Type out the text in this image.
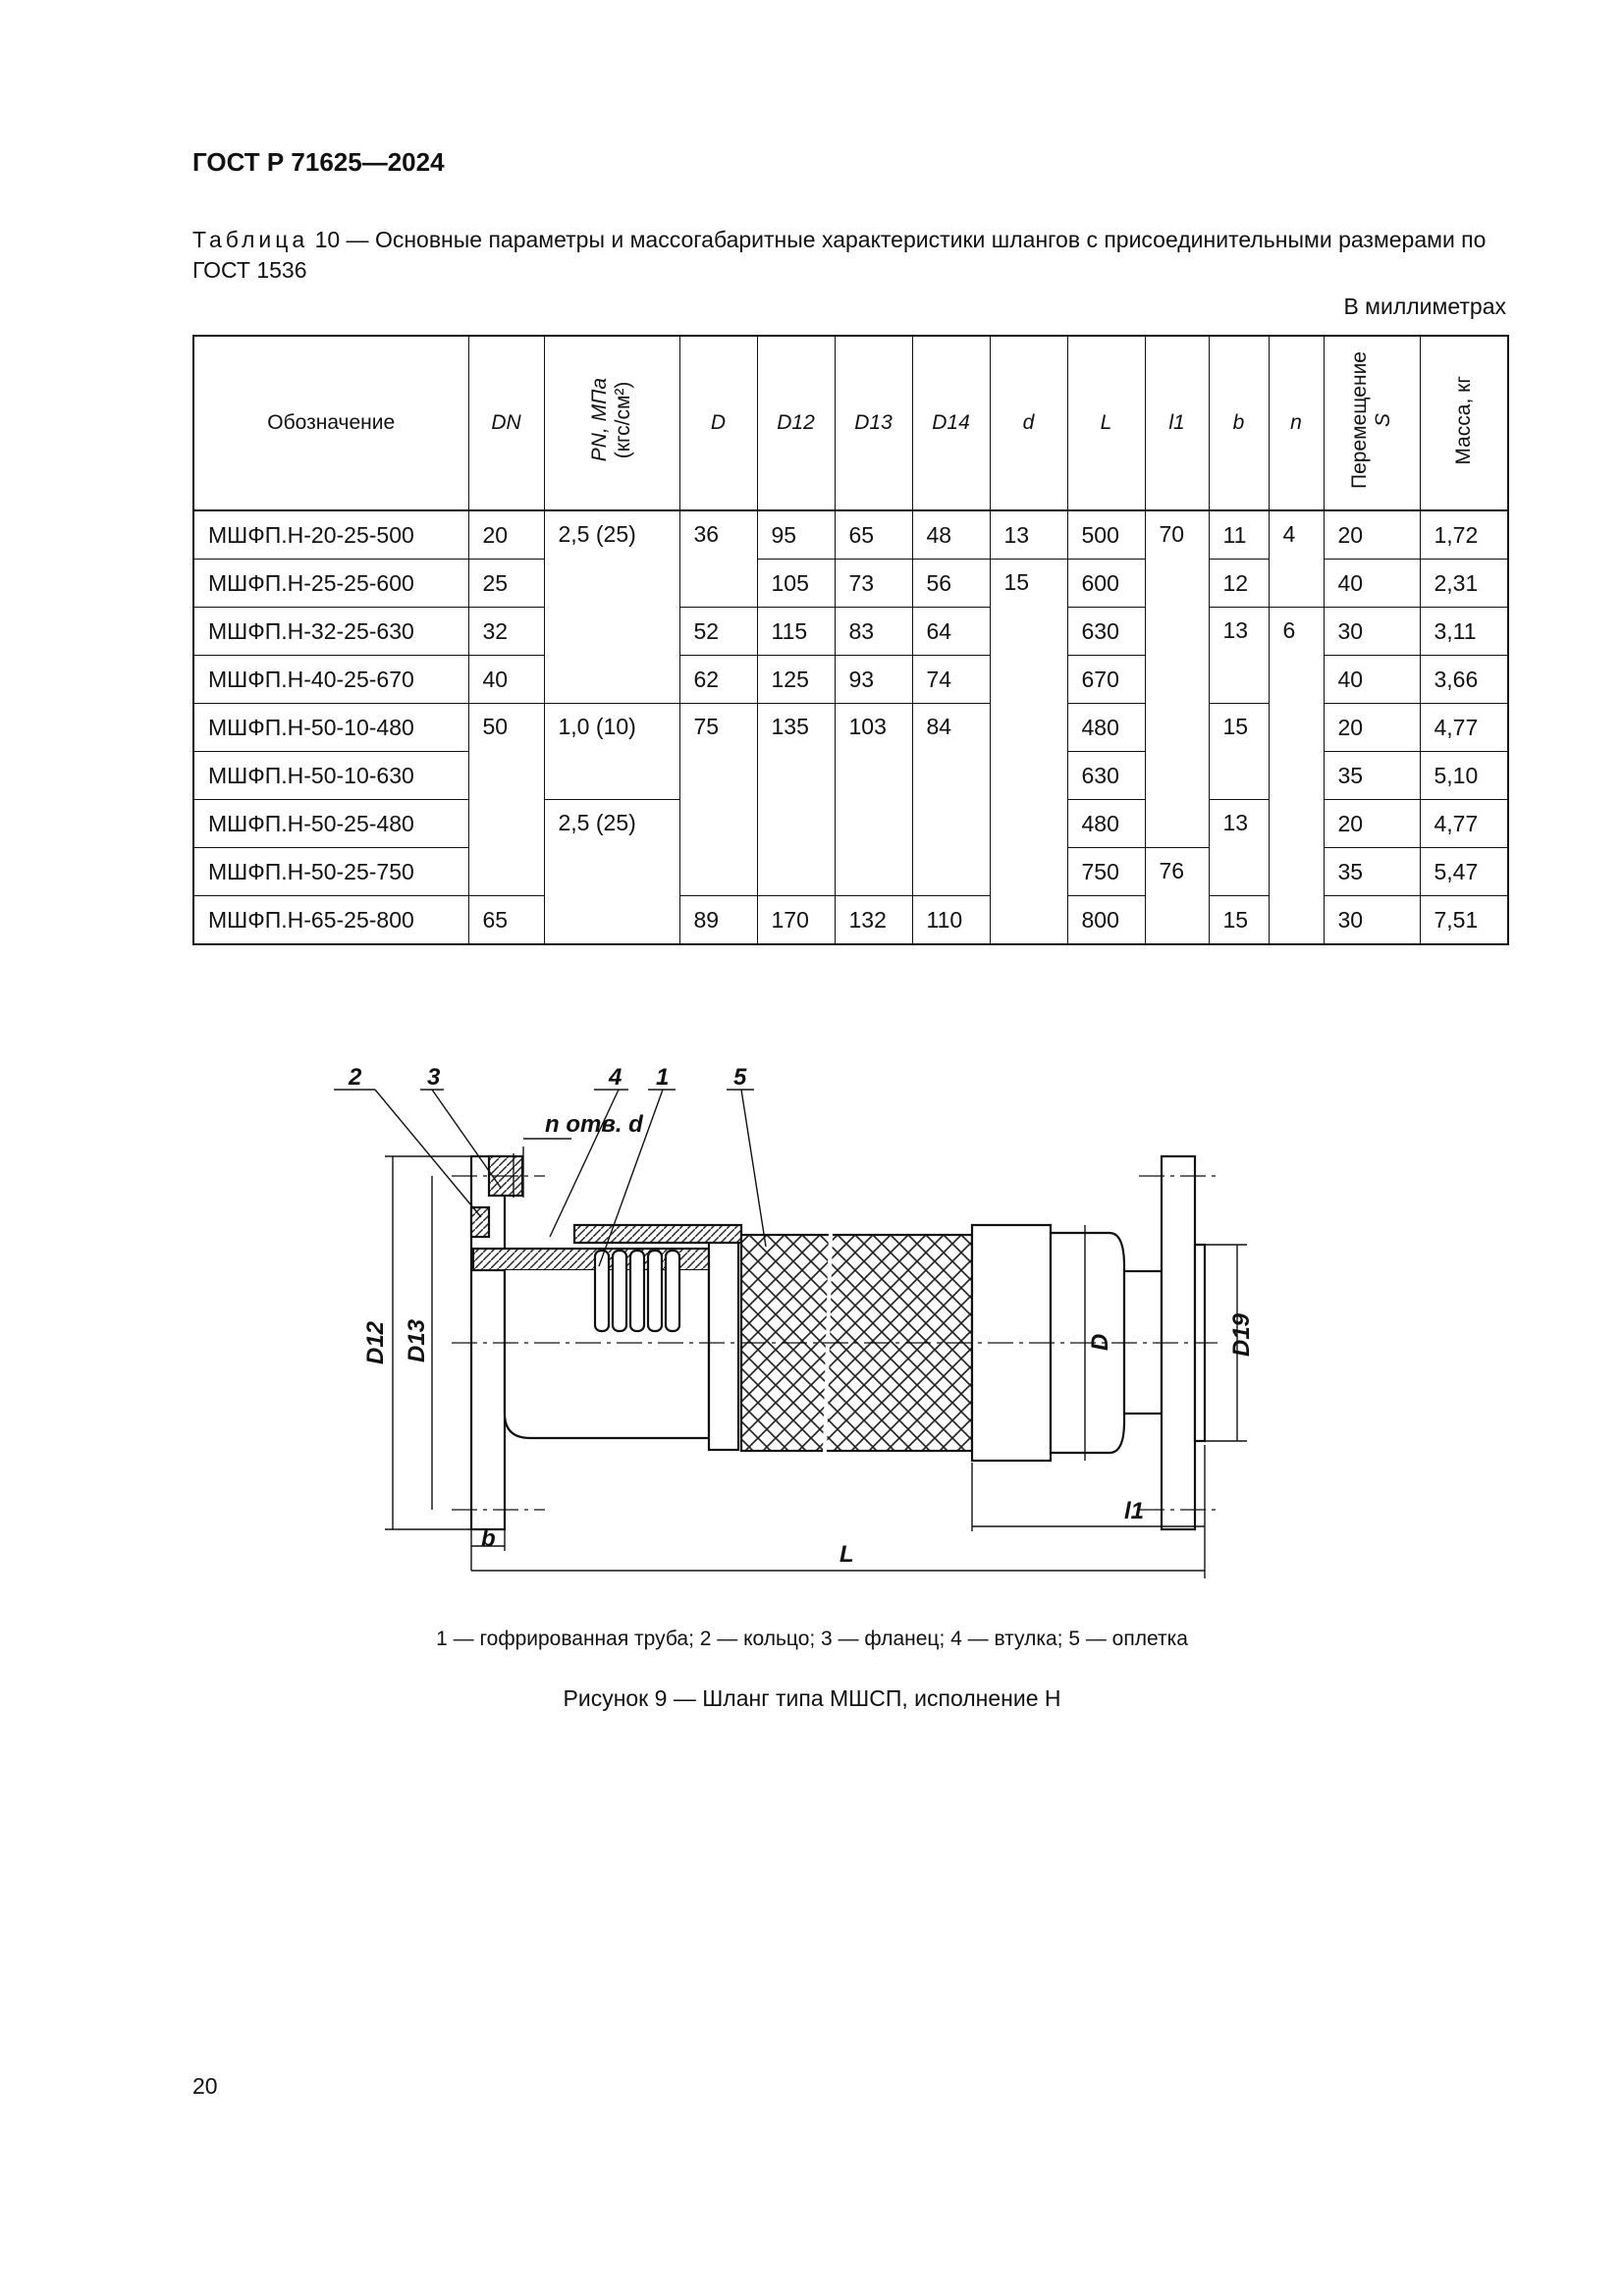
ГОСТ Р 71625—2024
Таблица 10 — Основные параметры и массогабаритные характеристики шлангов с присоединительными размерами по ГОСТ 1536
В миллиметрах
Обозначение	DN	PN, МПа
(кгс/см²)	D	D12	D13	D14	d	L	l1	b	n	Перемещение
S	Масса, кг
МШФП.Н-20-25-500	20	2,5 (25)	36	95	65	48	13	500	70	11	4	20	1,72
МШФП.Н-25-25-600	25			105	73	56	15	600		12		40	2,31
МШФП.Н-32-25-630	32		52	115	83	64		630		13	6	30	3,11
МШФП.Н-40-25-670	40		62	125	93	74		670				40	3,66
МШФП.Н-50-10-480	50	1,0 (10)	75	135	103	84		480		15		20	4,77
МШФП.Н-50-10-630								630				35	5,10
МШФП.Н-50-25-480		2,5 (25)						480		13		20	4,77
МШФП.Н-50-25-750								750	76			35	5,47
МШФП.Н-65-25-800	65		89	170	132	110		800		15		30	7,51
2	3	4 1	5
n отв. d
D12 D13	D	D19
b
l1
L
1 — гофрированная труба; 2 — кольцо; 3 — фланец; 4 — втулка; 5 — оплетка
Рисунок 9 — Шланг типа МШСП, исполнение Н
20
